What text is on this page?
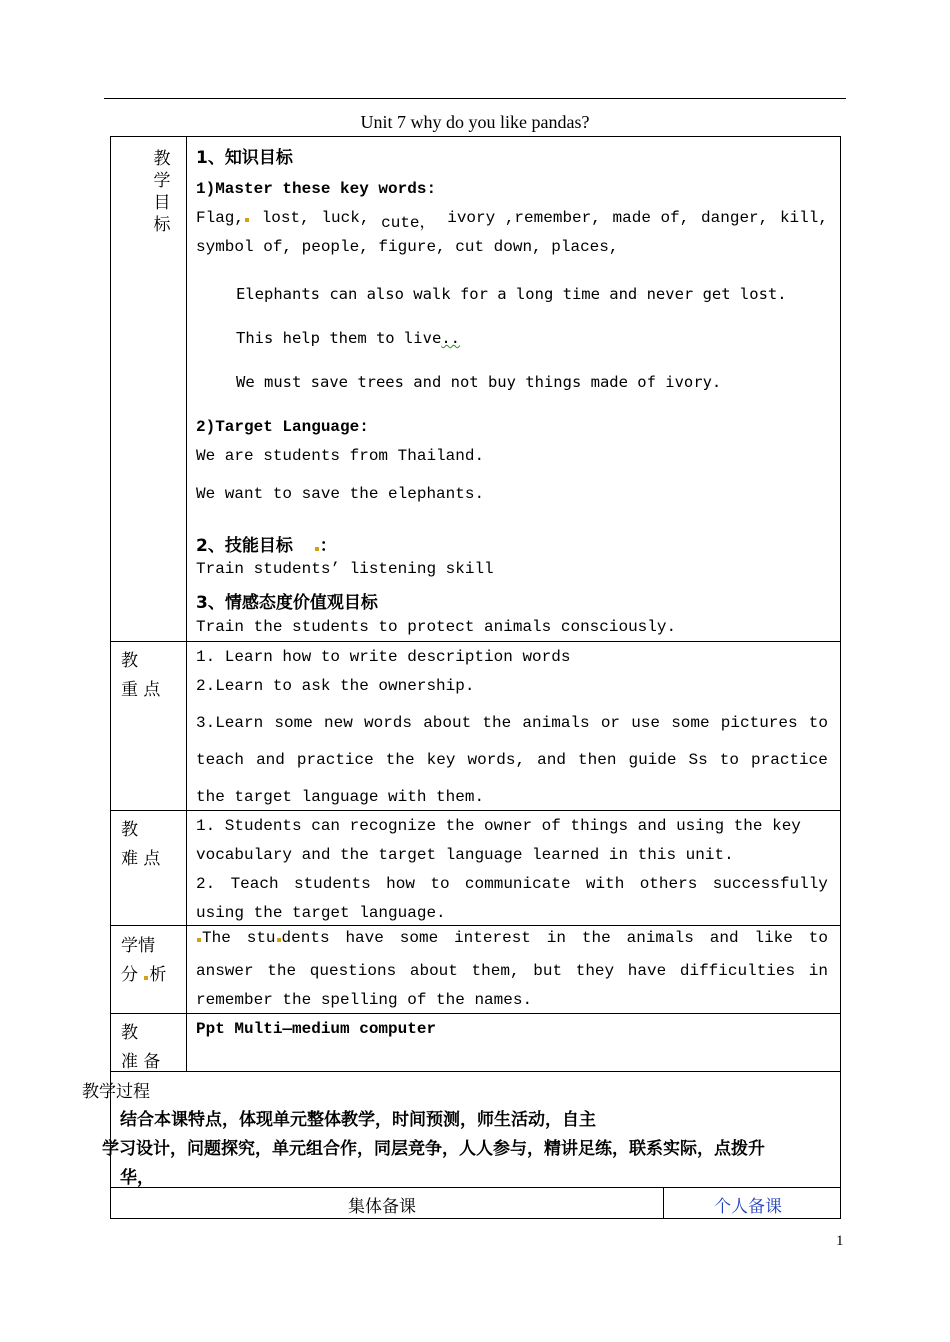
Unit 7 why do you like pandas?
教
学
目
标
1、知识目标
1)Master these key words:
Flag,	lost, luck, cute， ivory ,remember, made of, danger, kill,
symbol of, people, figure, cut down, places,
Elephants can also walk for a long time and never get lost.
This help them to live..
We must save trees and not buy things made of ivory.
2)Target Language:
We are students from Thailand.
We want to save the elephants.
2、技能目标 ：
Train students’ listening skill
3、情感态度价值观目标
Train the students to protect animals consciously.
教
重 点
1. Learn how to write description words
2.Learn to ask the ownership.
3.Learn some new words about the animals or use some pictures to
teach and practice the key words, and then guide Ss to practice
the target language with them.
教
难 点
1. Students can recognize the owner of things and using the key
vocabulary and the target language learned in this unit.
2. Teach students how to communicate with others successfully
using the target language.
学情
分 析
The stu dents have some interest in the animals and like to
answer the questions about them, but they have difficulties in
remember the spelling of the names.
教
准 备
Ppt Multi—medium computer
教学过程
结合本课特点，体现单元整体教学，时间预测，师生活动，自主
学习设计，问题探究，单元组合作，同层竞争，人人参与，精讲足练，联系实际，点拨升
华，
集体备课	个人备课
1
